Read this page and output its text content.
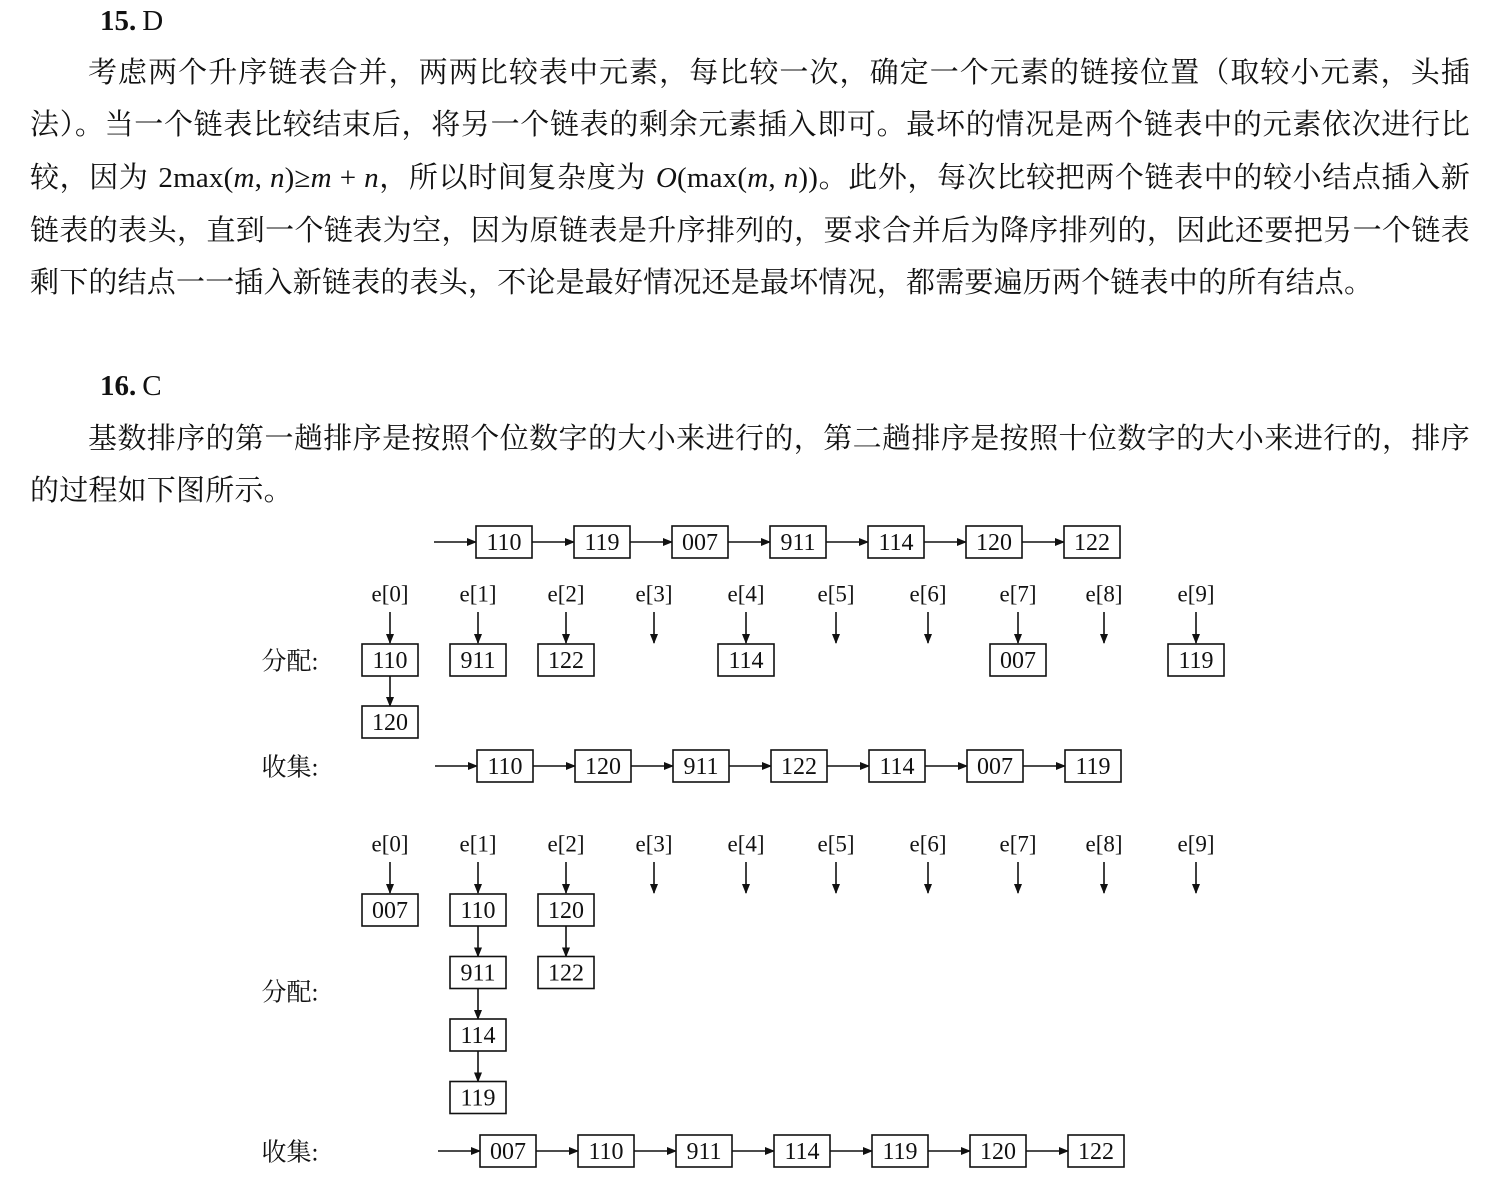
15. D

考虑两个升序链表合并，两两比较表中元素，每比较一次，确定一个元素的链接位置（取较小元素，头插法）。当一个链表比较结束后，将另一个链表的剩余元素插入即可。最坏的情况是两个链表中的元素依次进行比较，因为 2max(m, n)≥m + n，所以时间复杂度为 O(max(m, n))。此外，每次比较把两个链表中的较小结点插入新链表的表头，直到一个链表为空，因为原链表是升序排列的，要求合并后为降序排列的，因此还要把另一个链表剩下的结点一一插入新链表的表头，不论是最好情况还是最坏情况，都需要遍历两个链表中的所有结点。

16. C

基数排序的第一趟排序是按照个位数字的大小来进行的，第二趟排序是按照十位数字的大小来进行的，排序的过程如下图所示。

110	119	007	911	114	120	122
e[0]
110
120
e[1]
911
e[2]
122
e[3] e[4]
114
e[5] e[6] e[7]
007
e[8] e[9]
119
分配:
收集:	110	120	911	122	114	007	119
e[0]
007
e[1]
110
911
114
119
e[2]
120
122
e[3] e[4] e[5] e[6] e[7] e[8] e[9]
分配:
收集:	007	110	911	114	119	120	122
